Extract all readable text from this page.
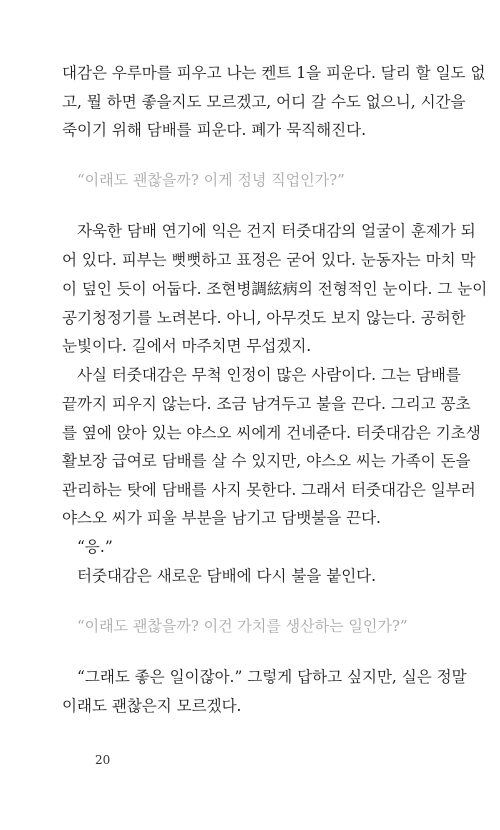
대감은 우루마를 피우고 나는 켄트 1을 피운다. 달리 할 일도 없
고, 뭘 하면 좋을지도 모르겠고, 어디 갈 수도 없으니, 시간을
죽이기 위해 담배를 피운다. 폐가 묵직해진다.
“이래도 괜찮을까? 이게 정녕 직업인가?”
자욱한 담배 연기에 익은 건지 터줏대감의 얼굴이 훈제가 되
어 있다. 피부는 뻣뻣하고 표정은 굳어 있다. 눈동자는 마치 막
이 덮인 듯이 어둡다. 조현병調絃病의 전형적인 눈이다. 그 눈이
공기청정기를 노려본다. 아니, 아무것도 보지 않는다. 공허한
눈빛이다. 길에서 마주치면 무섭겠지.
사실 터줏대감은 무척 인정이 많은 사람이다. 그는 담배를
끝까지 피우지 않는다. 조금 남겨두고 불을 끈다. 그리고 꽁초
를 옆에 앉아 있는 야스오 씨에게 건네준다. 터줏대감은 기초생
활보장 급여로 담배를 살 수 있지만, 야스오 씨는 가족이 돈을
관리하는 탓에 담배를 사지 못한다. 그래서 터줏대감은 일부러
야스오 씨가 피울 부분을 남기고 담뱃불을 끈다.
“응.”
터줏대감은 새로운 담배에 다시 불을 붙인다.
“이래도 괜찮을까? 이건 가치를 생산하는 일인가?”
“그래도 좋은 일이잖아.” 그렇게 답하고 싶지만, 실은 정말
이래도 괜찮은지 모르겠다.
20
